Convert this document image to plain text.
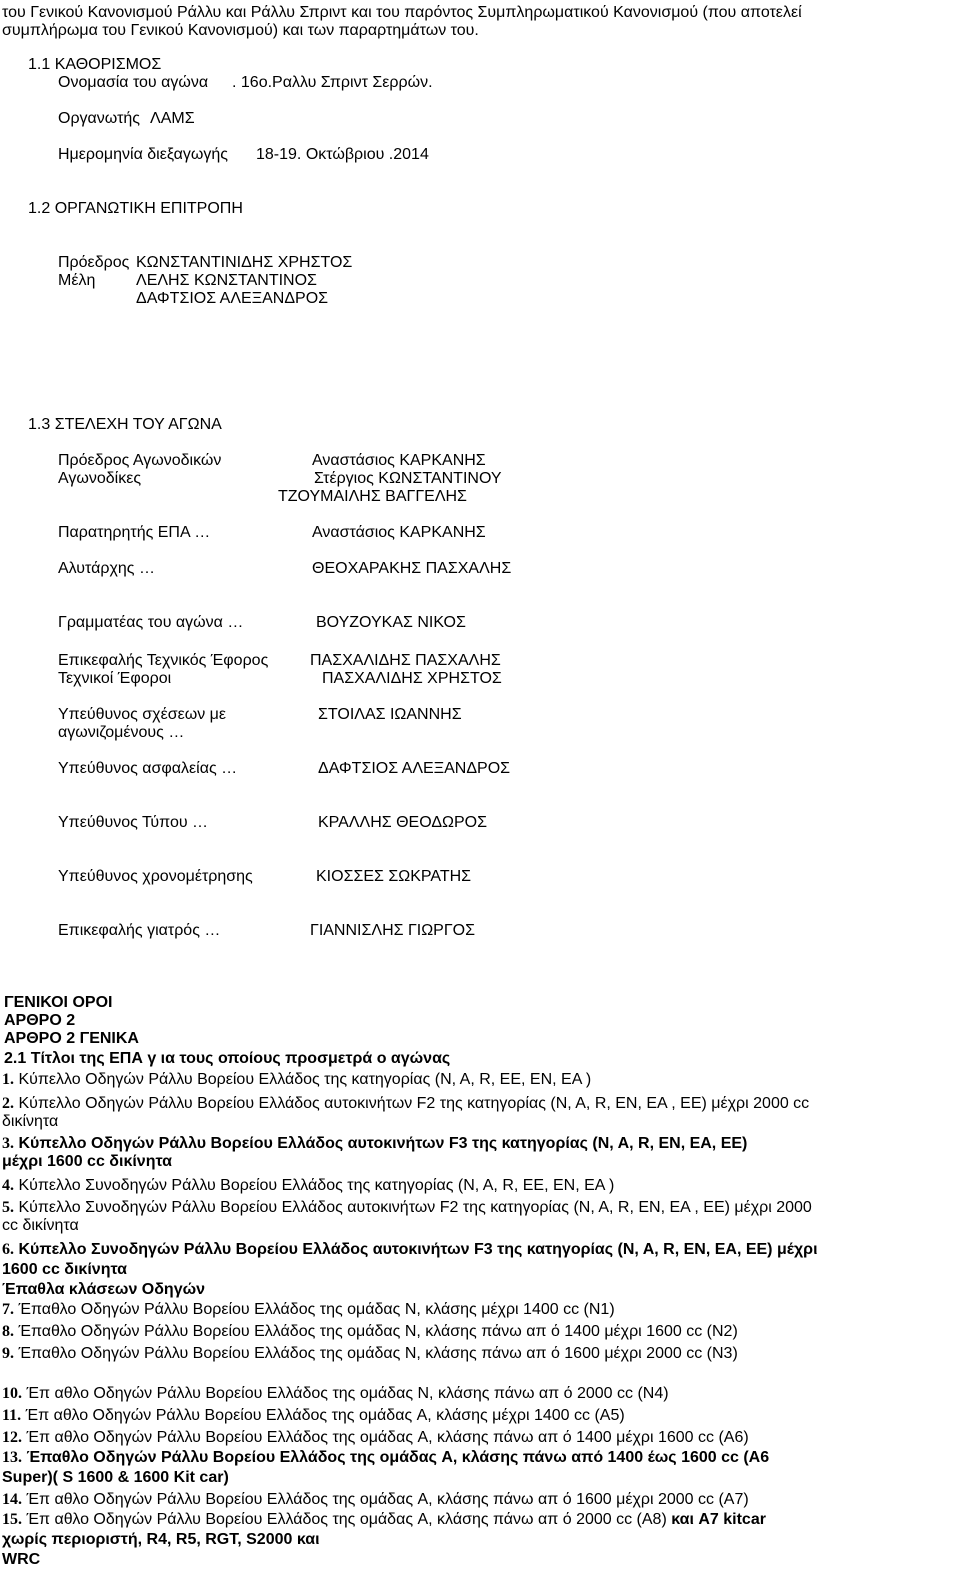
του Γενικού Κανονισμού Ράλλυ και Ράλλυ Σπριντ και του παρόντος Συμπληρωματικού Κανονισμού (που αποτελεί
συμπλήρωμα του Γενικού Κανονισμού) και των παραρτημάτων του.
1.1 ΚΑΘΟΡΙΣΜΟΣ
Ονομασία του αγώνα . 16ο.Ραλλυ Σπριντ Σερρών.
Οργανωτής ΛΑΜΣ
Ημερομηνία διεξαγωγής 18-19. Οκτώβριου .2014
1.2 ΟΡΓΑΝΩΤΙΚΗ ΕΠΙΤΡΟΠΗ
Πρόεδρος ΚΩΝΣΤΑΝΤΙΝΙΔΗΣ ΧΡΗΣΤΟΣ
Μέλη	ΛΕΛΗΣ ΚΩΝΣΤΑΝΤΙΝΟΣ
ΔΑΦΤΣΙΟΣ ΑΛΕΞΑΝΔΡΟΣ
1.3 ΣΤΕΛΕΧΗ ΤΟΥ ΑΓΩΝΑ
Πρόεδρος Αγωνοδικών	Αναστάσιος ΚΑΡΚΑΝΗΣ
Αγωνοδίκες	Στέργιος ΚΩΝΣΤΑΝΤΙΝΟΥ
ΤΖΟΥΜΑΙΛΗΣ ΒΑΓΓΕΛΗΣ
Παρατηρητής ΕΠΑ …	Αναστάσιος ΚΑΡΚΑΝΗΣ
Αλυτάρχης …	ΘΕΟΧΑΡΑΚΗΣ ΠΑΣΧΑΛΗΣ
Γραμματέας του αγώνα …	ΒΟΥΖΟΥΚΑΣ ΝΙΚΟΣ
Επικεφαλής Τεχνικός Έφορος	ΠΑΣΧΑΛΙΔΗΣ ΠΑΣΧΑΛΗΣ
Τεχνικοί Έφοροι	ΠΑΣΧΑΛΙΔΗΣ ΧΡΗΣΤΟΣ
Υπεύθυνος σχέσεων με	ΣΤΟΙΛΑΣ ΙΩΑΝΝΗΣ
αγωνιζομένους …
Υπεύθυνος ασφαλείας …	ΔΑΦΤΣΙΟΣ ΑΛΕΞΑΝΔΡΟΣ
Υπεύθυνος Τύπου …	ΚΡΑΛΛΗΣ ΘΕΟΔΩΡΟΣ
Υπεύθυνος χρονομέτρησης	ΚΙΟΣΣΕΣ ΣΩΚΡΑΤΗΣ
Επικεφαλής γιατρός …	ΓΙΑΝΝΙΣΛΗΣ ΓΙΩΡΓΟΣ
ΓΕΝΙΚΟΙ ΟΡΟΙ
ΑΡΘΡΟ 2
ΑΡΘΡΟ 2 ΓΕΝΙΚΑ
2.1 Τίτλοι της ΕΠΑ γ ια τους οποίους προσμετρά ο αγώνας
1. Κύπελλο Οδηγών Ράλλυ Βορείου Ελλάδος της κατηγορίας (N, A, R, EE, EN, EA )
2. Κύπελλο Οδηγών Ράλλυ Βορείου Ελλάδος αυτοκινήτων F2 της κατηγορίας (N, A, R, EN, EA , EE) μέχρι 2000 cc
δικίνητα
3. Κύπελλο Οδηγών Ράλλυ Βορείου Ελλάδος αυτοκινήτων F3 της κατηγορίας (N, A, R, EN, EA, EE)
μέχρι 1600 cc δικίνητα
4. Κύπελλο Συνοδηγών Ράλλυ Βορείου Ελλάδος της κατηγορίας (N, A, R, EE, EN, EA )
5. Κύπελλο Συνοδηγών Ράλλυ Βορείου Ελλάδος αυτοκινήτων F2 της κατηγορίας (N, A, R, EN, EA , EE) μέχρι 2000
cc δικίνητα
6. Κύπελλο Συνοδηγών Ράλλυ Βορείου Ελλάδος αυτοκινήτων F3 της κατηγορίας (N, A, R, EN, EA, EE) μέχρι
1600 cc δικίνητα
Έπαθλα κλάσεων Οδηγών
7. Έπαθλο Οδηγών Ράλλυ Βορείου Ελλάδος της ομάδας N, κλάσης μέχρι 1400 cc (N1)
8. Έπαθλο Οδηγών Ράλλυ Βορείου Ελλάδος της ομάδας N, κλάσης πάνω απ ό 1400 μέχρι 1600 cc (N2)
9. Έπαθλο Οδηγών Ράλλυ Βορείου Ελλάδος της ομάδας N, κλάσης πάνω απ ό 1600 μέχρι 2000 cc (N3)
10. Έπ αθλο Οδηγών Ράλλυ Βορείου Ελλάδος της ομάδας N, κλάσης πάνω απ ό 2000 cc (N4)
11. Έπ αθλο Οδηγών Ράλλυ Βορείου Ελλάδος της ομάδας A, κλάσης μέχρι 1400 cc (A5)
12. Έπ αθλο Οδηγών Ράλλυ Βορείου Ελλάδος της ομάδας A, κλάσης πάνω απ ό 1400 μέχρι 1600 cc (A6)
13. Έπαθλο Οδηγών Ράλλυ Βορείου Ελλάδος της ομάδας A, κλάσης πάνω από 1400 έως 1600 cc (A6
Super)( S 1600 & 1600 Kit car)
14. Έπ αθλο Οδηγών Ράλλυ Βορείου Ελλάδος της ομάδας A, κλάσης πάνω απ ό 1600 μέχρι 2000 cc (A7)
15. Έπ αθλο Οδηγών Ράλλυ Βορείου Ελλάδος της ομάδας A, κλάσης πάνω απ ό 2000 cc (A8) και A7 kitcar
χωρίς περιοριστή, R4, R5, RGT, S2000 και
WRC
